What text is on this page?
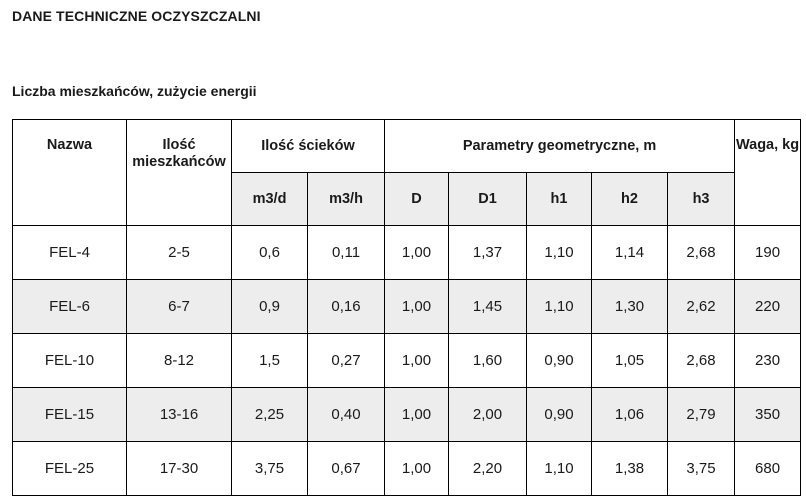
DANE TECHNICZNE OCZYSZCZALNI
Liczba mieszkańców, zużycie energii
Nazwa	Ilość mieszkańców	Ilość ścieków		Parametry geometryczne, m					Waga, kg
		m3/d	m3/h	D	D1	h1	h2	h3	
FEL-4	2-5	0,6	0,11	1,00	1,37	1,10	1,14	2,68	190
FEL-6	6-7	0,9	0,16	1,00	1,45	1,10	1,30	2,62	220
FEL-10	8-12	1,5	0,27	1,00	1,60	0,90	1,05	2,68	230
FEL-15	13-16	2,25	0,40	1,00	2,00	0,90	1,06	2,79	350
FEL-25	17-30	3,75	0,67	1,00	2,20	1,10	1,38	3,75	680
